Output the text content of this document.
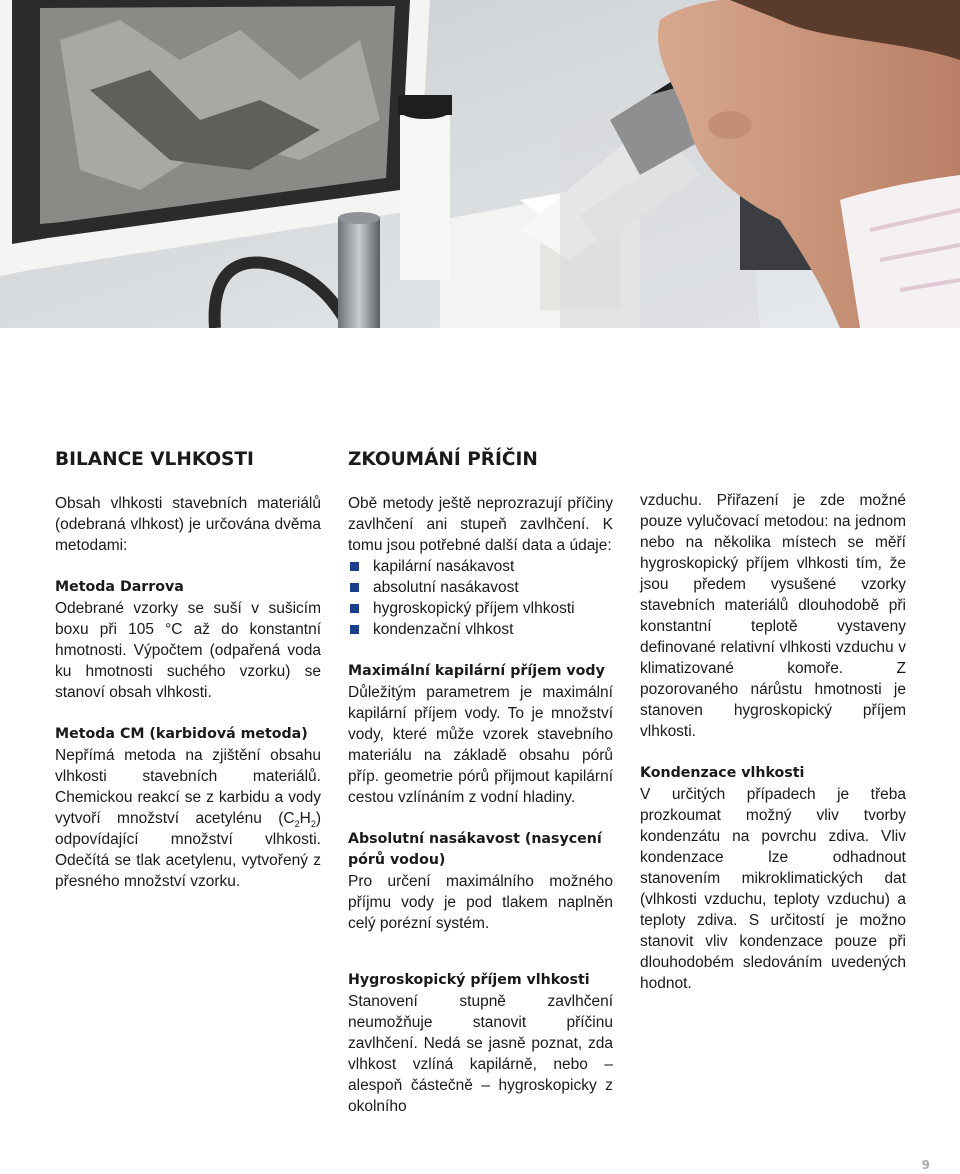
BILANCE VLHKOSTI

Obsah vlhkosti stavebních materiálů (odebraná vlhkost) je určována dvěma metodami:

Metoda Darrova

Odebrané vzorky se suší v sušicím boxu při 105 °C až do konstantní hmotnosti. Výpočtem (odpařená voda ku hmotnosti suchého vzorku) se stanoví obsah vlhkosti.

Metoda CM (karbidová metoda)

Nepřímá metoda na zjištění obsahu vlhkosti stavebních materiálů. Chemickou reakcí se z karbidu a vody vytvoří množství acetylénu $(C_2H_2)$ odpovídající množství vlhkosti. Odečítá se tlak acetylenu, vytvořený z přesného množství vzorku.

ZKOUMÁNÍ PŘÍČIN

Obě metody ještě neprozrazují příčiny zavlhčení ani stupeň zavlhčení. K tomu jsou potřebné další data a údaje:

kapilární nasákavost
absolutní nasákavost
hygroskopický příjem vlhkosti
kondenzační vlhkost
Maximální kapilární příjem vody

Důležitým parametrem je maximální kapilární příjem vody. To je množství vody, které může vzorek stavebního materiálu na základě obsahu pórů příp. geometrie pórů přijmout kapilární cestou vzlínáním z vodní hladiny.

Absolutní nasákavost (nasycení pórů vodou)

Pro určení maximálního možného příjmu vody je pod tlakem naplněn celý porézní systém.

Hygroskopický příjem vlhkosti

Stanovení stupně zavlhčení neumožňuje stanovit příčinu zavlhčení. Nedá se jasně poznat, zda vlhkost vzlíná kapilárně, nebo – alespoň částečně – hygroskopicky z okolního

vzduchu. Přiřazení je zde možné pouze vylučovací metodou: na jednom nebo na několika místech se měří hygroskopický příjem vlhkosti tím, že jsou předem vysušené vzorky stavebních materiálů dlouhodobě při konstantní teplotě vystaveny definované relativní vlhkosti vzduchu v klimatizované komoře. Z pozorovaného nárůstu hmotnosti je stanoven hygroskopický příjem vlhkosti.

Kondenzace vlhkosti

V určitých případech je třeba prozkoumat možný vliv tvorby kondenzátu na povrchu zdiva. Vliv kondenzace lze odhadnout stanovením mikroklimatických dat (vlhkosti vzduchu, teploty vzduchu) a teploty zdiva. S určitostí je možno stanovit vliv kondenzace pouze při dlouhodobém sledováním uvedených hodnot.

9
